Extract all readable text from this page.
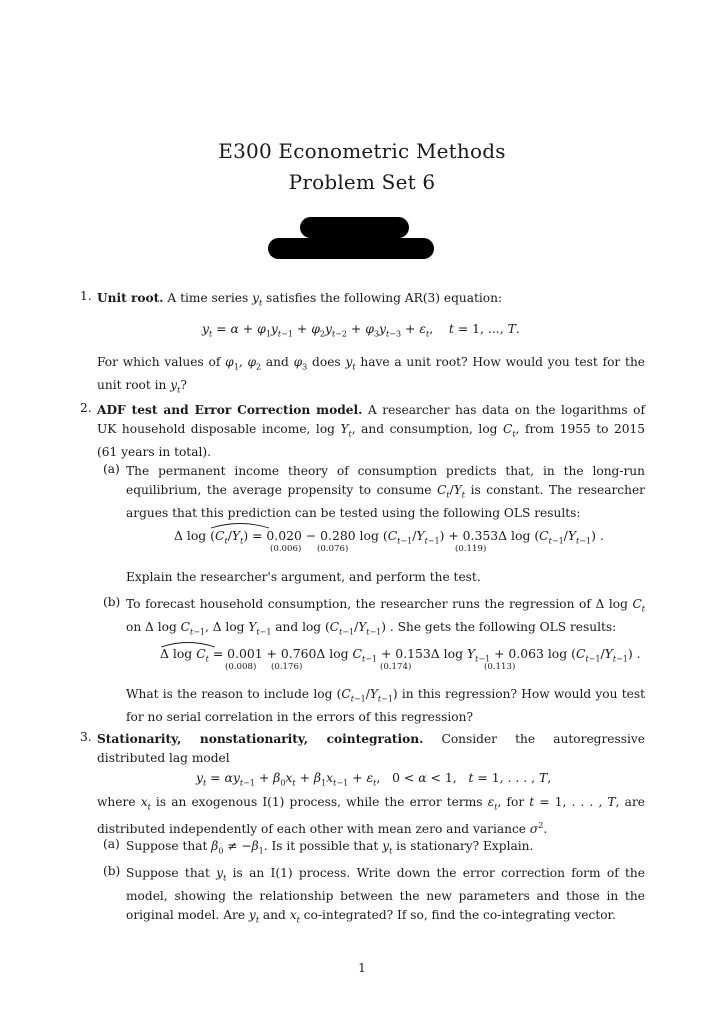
E300 Econometric Methods
Problem Set 6
1. Unit root. A time series $y_t$ satisfies the following AR(3) equation:
$y_t = \alpha + \varphi_1y_{t-1} + \varphi_2y_{t-2} + \varphi_3y_{t-3} + \varepsilon_t$,    t = 1, ..., T.
For which values of $\varphi_1$, $\varphi_2$ and $\varphi_3$ does $y_t$ have a unit root? How would you test for the unit root in $y_t$?
2. ADF test and Error Correction model. A researcher has data on the logarithms of UK household disposable income, $\log Y_t$, and consumption, $\log C_t$, from 1955 to 2015 (61 years in total).
(a) The permanent income theory of consumption predicts that, in the long-run equilibrium, the average propensity to consume $C_t/Y_t$ is constant. The researcher argues that this prediction can be tested using the following OLS results:
Δ $\log (C_t/Y_t) = 0.020 - 0.280$ $\log (C_{t-1}/Y_{t-1}) + 0.353\Delta$ $\log (C_{t-1}/Y_{t-1})$ .
(0.006) (0.076)	(0.119)
Explain the researcher's argument, and perform the test.
(b) To forecast household consumption, the researcher runs the regression of Δ $\log C_t$ on Δ $\log C_{t-1}$, Δ $\log Y_{t-1}$ and $\log (C_{t-1}/Y_{t-1})$ . She gets the following OLS results:
Δ $\log C_t = 0.001 + 0.760\Delta$ $\log C_{t-1} + 0.153\Delta$ $\log Y_{t-1} + 0.063$ $\log (C_{t-1}/Y_{t-1})$ .
(0.008) (0.176)	(0.174)	(0.113)
What is the reason to include $\log (C_{t-1}/Y_{t-1})$ in this regression? How would you test for no serial correlation in the errors of this regression?
3. Stationarity, nonstationarity, cointegration. Consider the autoregressive distributed lag model
$y_t = \alpha y_{t-1} + \beta_0x_t + \beta_1x_{t-1} + \varepsilon_t$,   0 < α < 1,   t = 1, . . . , T,
where $x_t$ is an exogenous I(1) process, while the error terms $\varepsilon_t$, for t = 1, . . . , T, are distributed independently of each other with mean zero and variance $\sigma^2$.
(a) Suppose that $\beta_0 \ne -\beta_1$. Is it possible that $y_t$ is stationary? Explain.
(b) Suppose that $y_t$ is an I(1) process. Write down the error correction form of the model, showing the relationship between the new parameters and those in the original model. Are $y_t$ and $x_t$ co-integrated? If so, find the co-integrating vector.
1
